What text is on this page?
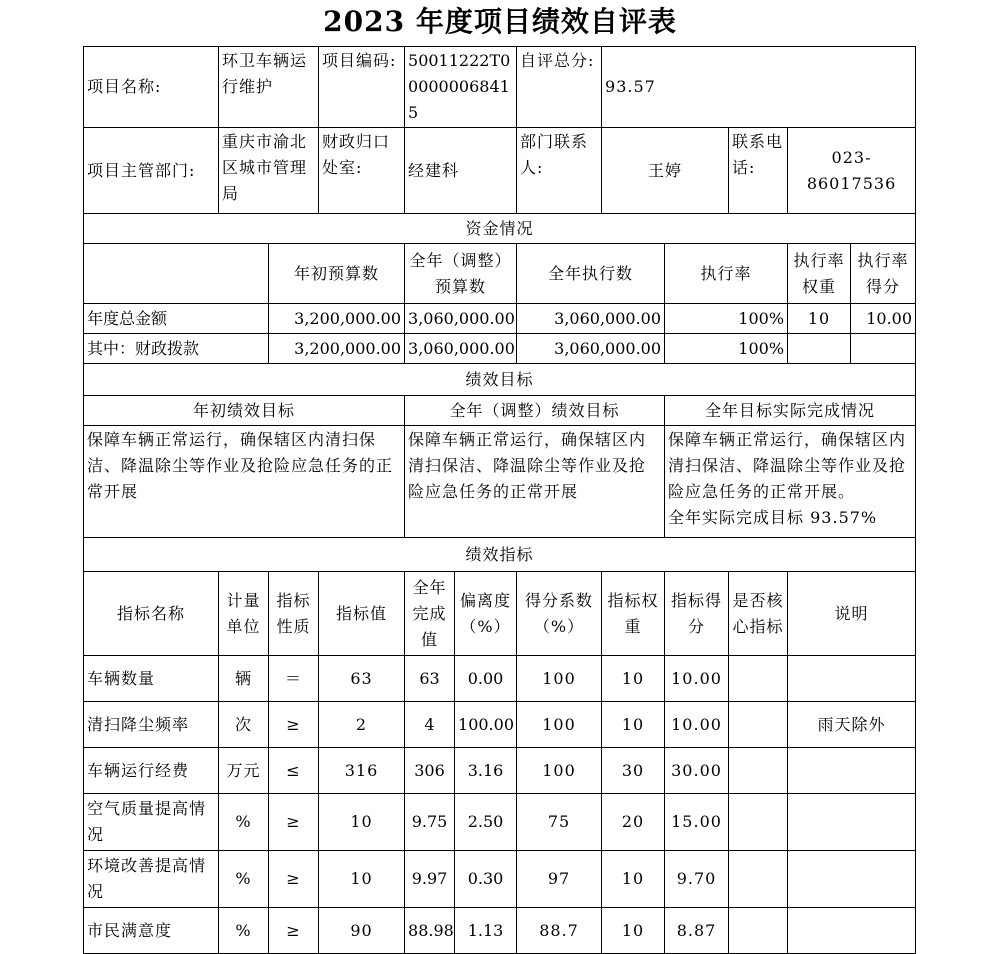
2023 年度项目绩效自评表
项目名称:	环卫车辆运行维护		项目编码:	50011222T000000068415		自评总分:	93.57				
项目主管部门:	重庆市渝北区城市管理局		财政归口处室:	经建科		部门联系人:	王婷		联系电话:	023-86017536	
资金情况											
		年初预算数		全年（调整）预算数		全年执行数		执行率		执行率权重	执行率得分
年度总金额		3,200,000.00		3,060,000.00		3,060,000.00		100%		10	10.00
其中：财政拨款		3,200,000.00		3,060,000.00		3,060,000.00		100%			
绩效目标											
年初绩效目标				全年（调整）绩效目标				全年目标实际完成情况			
保障车辆正常运行，确保辖区内清扫保洁、降温除尘等作业及抢险应急任务的正常开展				保障车辆正常运行，确保辖区内清扫保洁、降温除尘等作业及抢险应急任务的正常开展				保障车辆正常运行，确保辖区内清扫保洁、降温除尘等作业及抢险应急任务的正常开展。
全年实际完成目标 93.57%			

绩效指标											
指标名称	计量单位	指标性质	指标值	全年完成值	偏离度（%）	得分系数（%）	指标权重	指标得分	是否核心指标	说明	
车辆数量	辆	＝	63	63	0.00	100	10	10.00			
清扫降尘频率	次	≥	2	4	100.00	100	10	10.00		雨天除外	
车辆运行经费	万元	≤	316	306	3.16	100	30	30.00			
空气质量提高情况	%	≥	10	9.75	2.50	75	20	15.00			
环境改善提高情况	%	≥	10	9.97	0.30	97	10	9.70			
市民满意度	%	≥	90	88.98	1.13	88.7	10	8.87			
